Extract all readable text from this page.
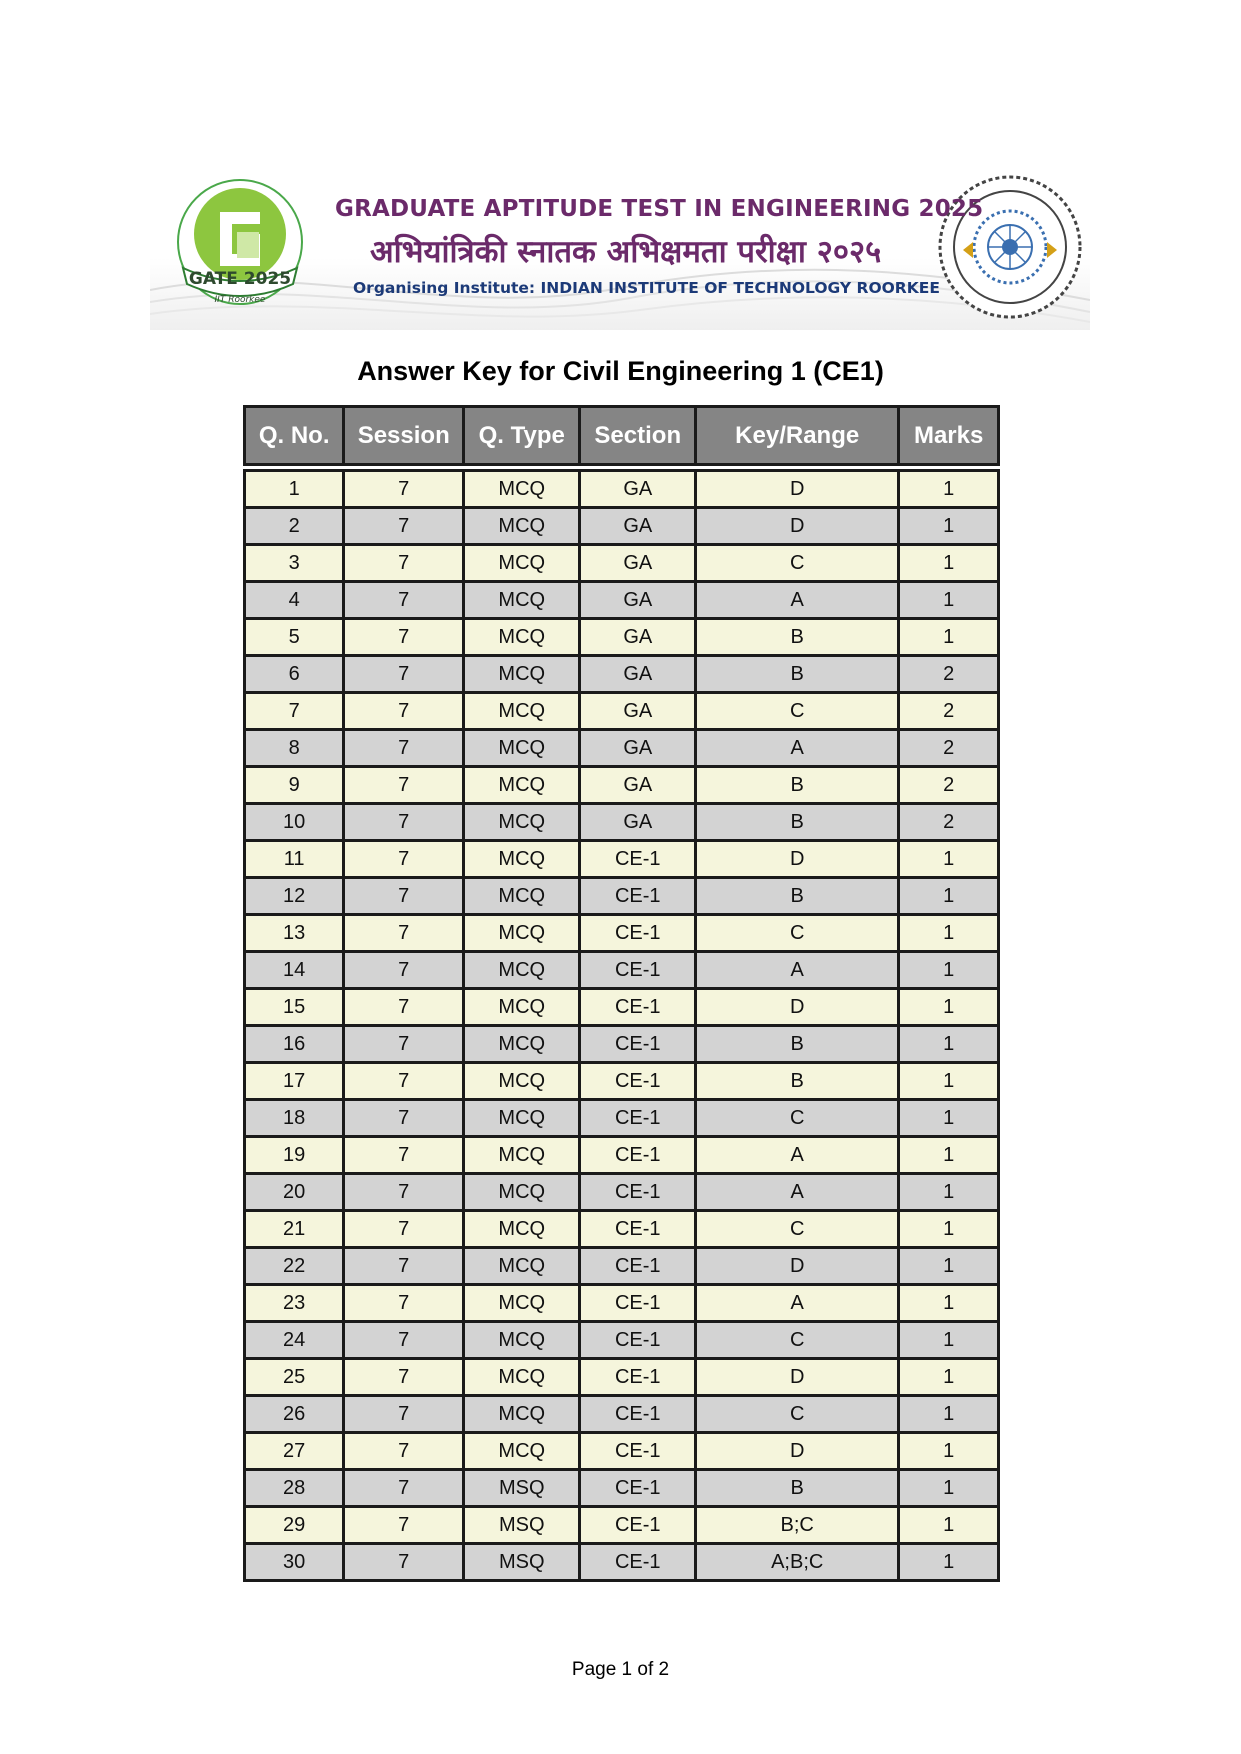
GATE 2025
IIT Roorkee
GRADUATE APTITUDE TEST IN ENGINEERING 2025
अभियांत्रिकी स्नातक अभिक्षमता परीक्षा २०२५
Organising Institute: INDIAN INSTITUTE OF TECHNOLOGY ROORKEE
Answer Key for Civil Engineering 1 (CE1)
Q. No.	Session	Q. Type	Section	Key/Range	Marks

1	7	MCQ	GA	D	1
2	7	MCQ	GA	D	1
3	7	MCQ	GA	C	1
4	7	MCQ	GA	A	1
5	7	MCQ	GA	B	1
6	7	MCQ	GA	B	2
7	7	MCQ	GA	C	2
8	7	MCQ	GA	A	2
9	7	MCQ	GA	B	2
10	7	MCQ	GA	B	2
11	7	MCQ	CE-1	D	1
12	7	MCQ	CE-1	B	1
13	7	MCQ	CE-1	C	1
14	7	MCQ	CE-1	A	1
15	7	MCQ	CE-1	D	1
16	7	MCQ	CE-1	B	1
17	7	MCQ	CE-1	B	1
18	7	MCQ	CE-1	C	1
19	7	MCQ	CE-1	A	1
20	7	MCQ	CE-1	A	1
21	7	MCQ	CE-1	C	1
22	7	MCQ	CE-1	D	1
23	7	MCQ	CE-1	A	1
24	7	MCQ	CE-1	C	1
25	7	MCQ	CE-1	D	1
26	7	MCQ	CE-1	C	1
27	7	MCQ	CE-1	D	1
28	7	MSQ	CE-1	B	1
29	7	MSQ	CE-1	B;C	1
30	7	MSQ	CE-1	A;B;C	1
Page 1 of 2
